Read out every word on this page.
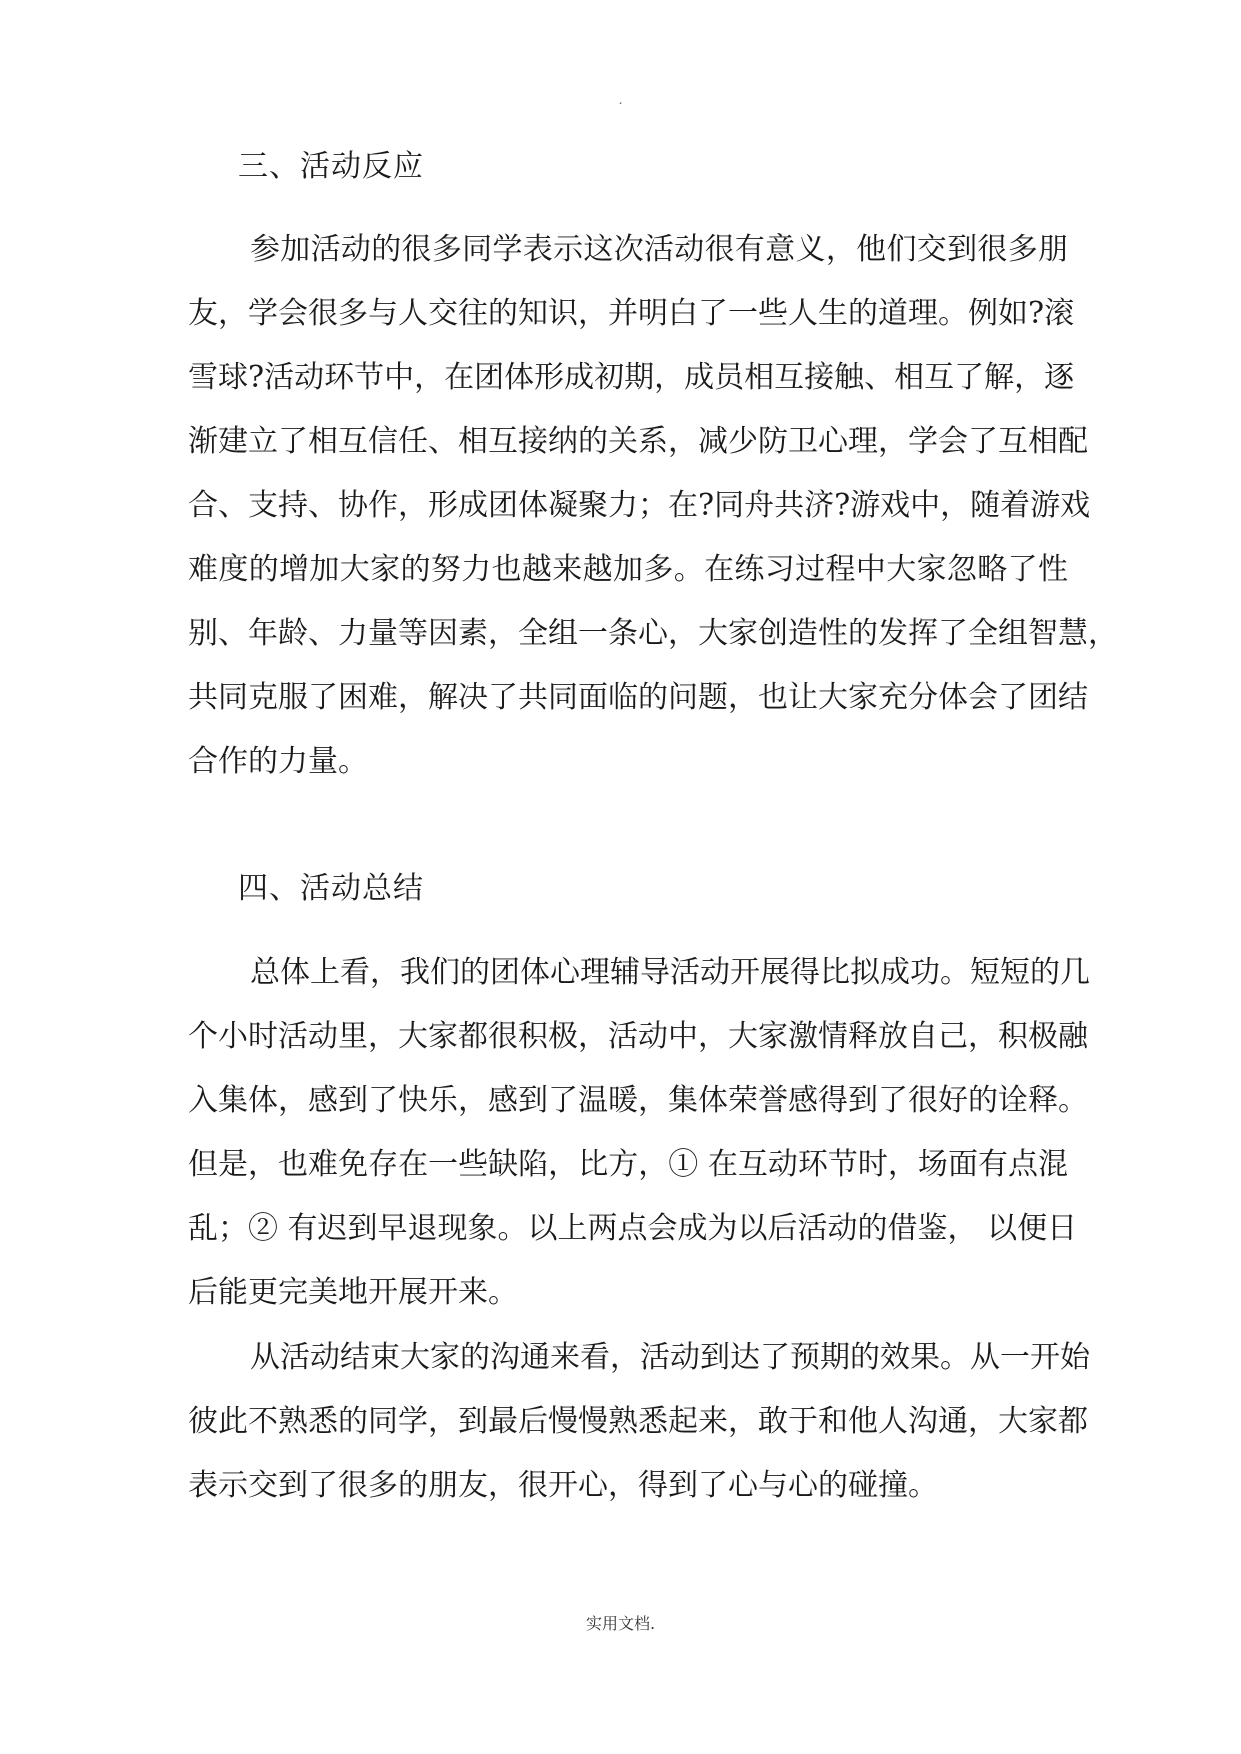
.
三、活动反应
参加活动的很多同学表示这次活动很有意义，他们交到很多朋
友，学会很多与人交往的知识，并明白了一些人生的道理。例如?滚
雪球?活动环节中，在团体形成初期，成员相互接触、相互了解，逐
渐建立了相互信任、相互接纳的关系，减少防卫心理，学会了互相配
合、支持、协作，形成团体凝聚力；在?同舟共济?游戏中，随着游戏
难度的增加大家的努力也越来越加多。在练习过程中大家忽略了性
别、年龄、力量等因素，全组一条心，大家创造性的发挥了全组智慧，
共同克服了困难，解决了共同面临的问题，也让大家充分体会了团结
合作的力量。
四、活动总结
总体上看，我们的团体心理辅导活动开展得比拟成功。短短的几
个小时活动里，大家都很积极，活动中，大家激情释放自己，积极融
入集体，感到了快乐，感到了温暖，集体荣誉感得到了很好的诠释。
但是，也难免存在一些缺陷，比方，① 在互动环节时，场面有点混
乱；② 有迟到早退现象。以上两点会成为以后活动的借鉴， 以便日
后能更完美地开展开来。
从活动结束大家的沟通来看，活动到达了预期的效果。从一开始
彼此不熟悉的同学，到最后慢慢熟悉起来，敢于和他人沟通，大家都
表示交到了很多的朋友，很开心，得到了心与心的碰撞。
实用文档.
